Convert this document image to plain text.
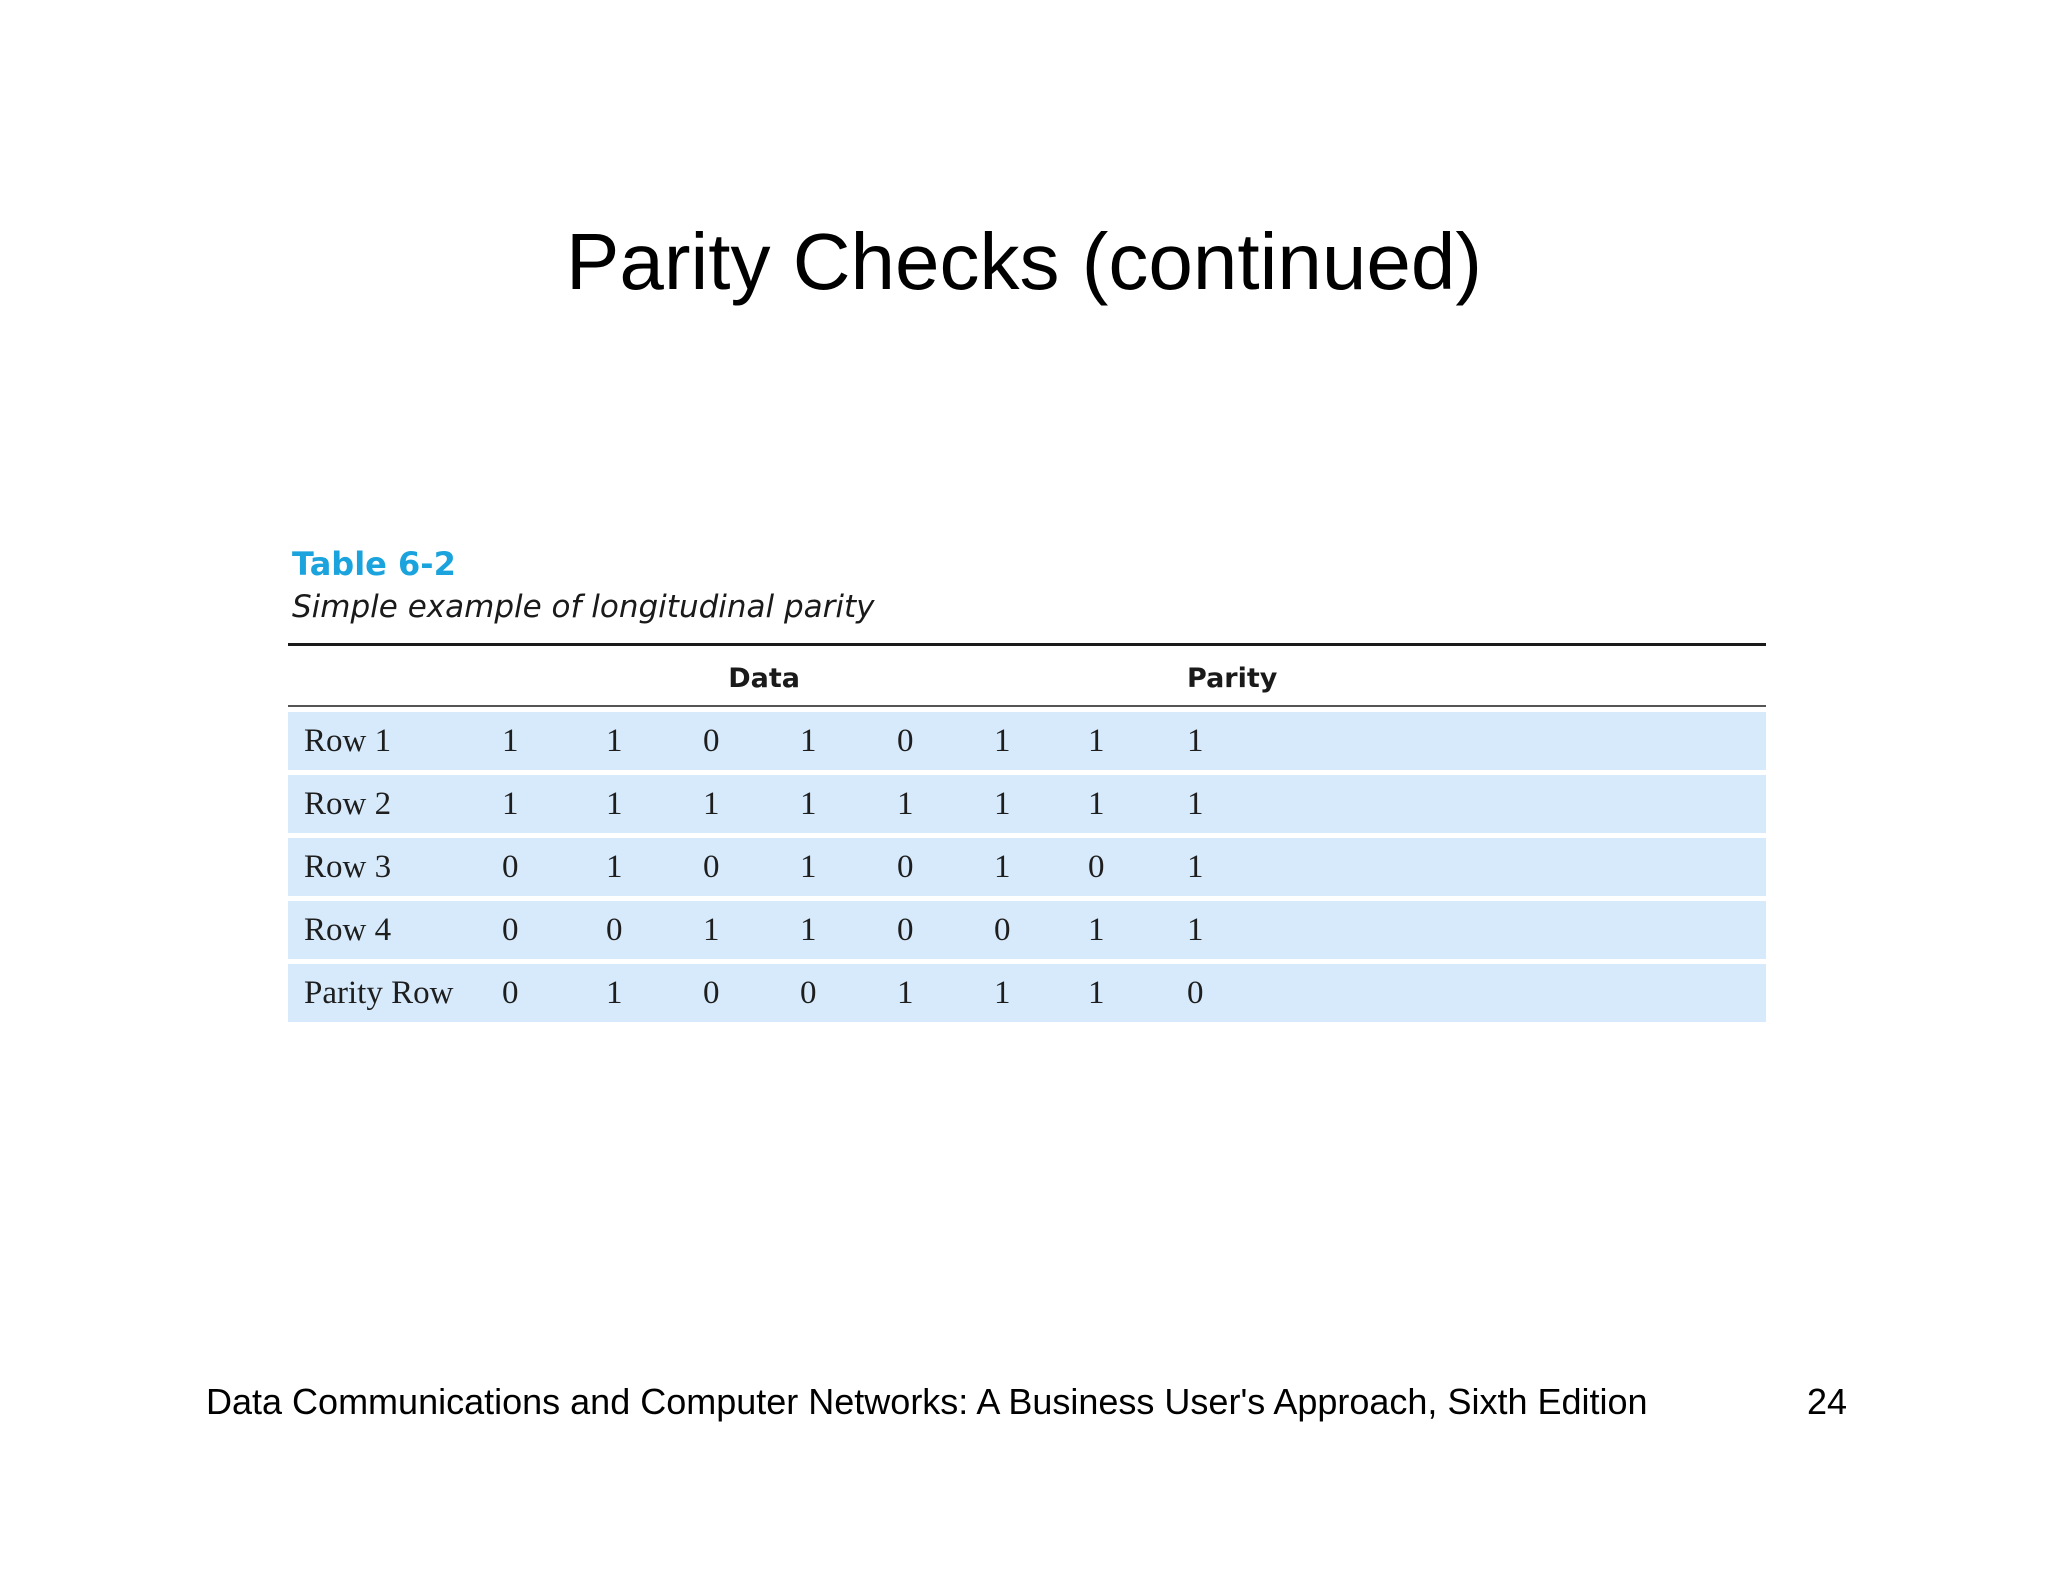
Parity Checks (continued)
Table 6-2
Simple example of longitudinal parity
	Data							Parity
Row 1	1	1	0	1	0	1	1	1
Row 2	1	1	1	1	1	1	1	1
Row 3	0	1	0	1	0	1	0	1
Row 4	0	0	1	1	0	0	1	1
Parity Row	0	1	0	0	1	1	1	0
Data Communications and Computer Networks: A Business User's Approach, Sixth Edition	24
